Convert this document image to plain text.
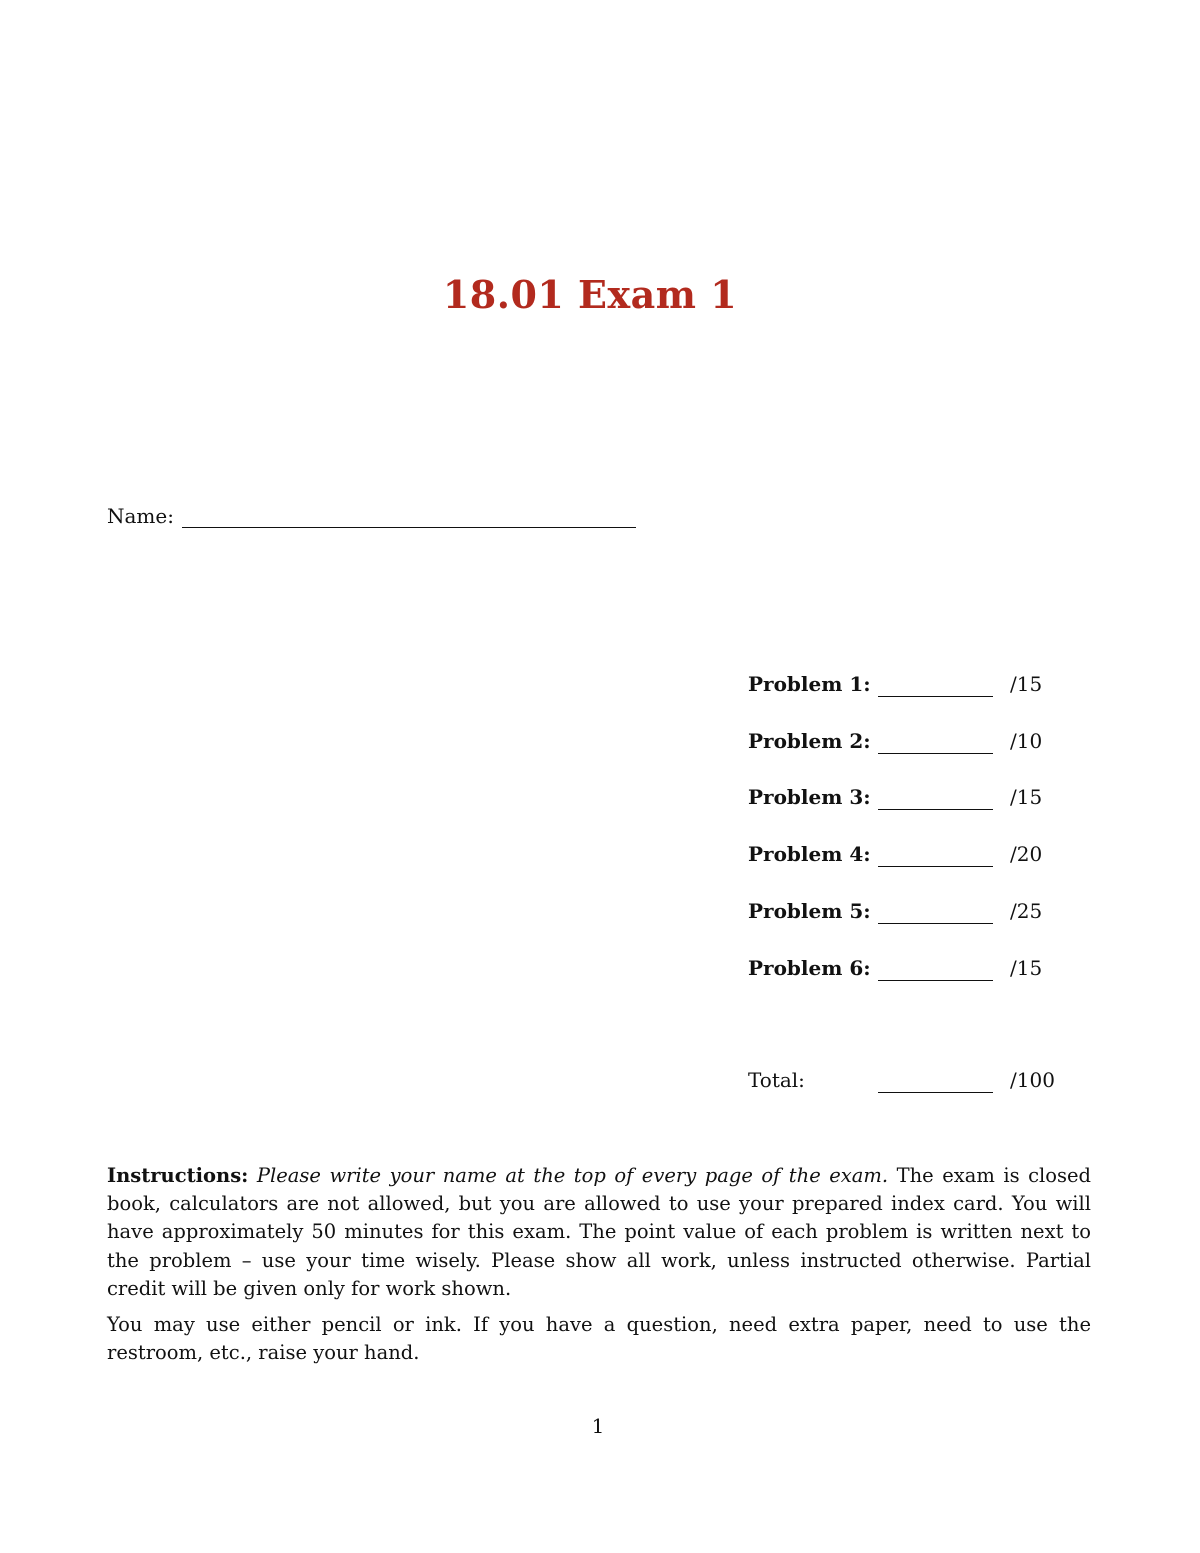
18.01 Exam 1
Name:
Problem 1:	/15
Problem 2:	/10
Problem 3:	/15
Problem 4:	/20
Problem 5:	/25
Problem 6:	/15
Total:	/100

Instructions: Please write your name at the top of every page of the exam. The exam is closed book, calculators are not allowed, but you are allowed to use your prepared index card. You will have approximately 50 minutes for this exam. The point value of each problem is written next to the problem – use your time wisely. Please show all work, unless instructed otherwise. Partial credit will be given only for work shown.

You may use either pencil or ink. If you have a question, need extra paper, need to use the restroom, etc., raise your hand.

1
